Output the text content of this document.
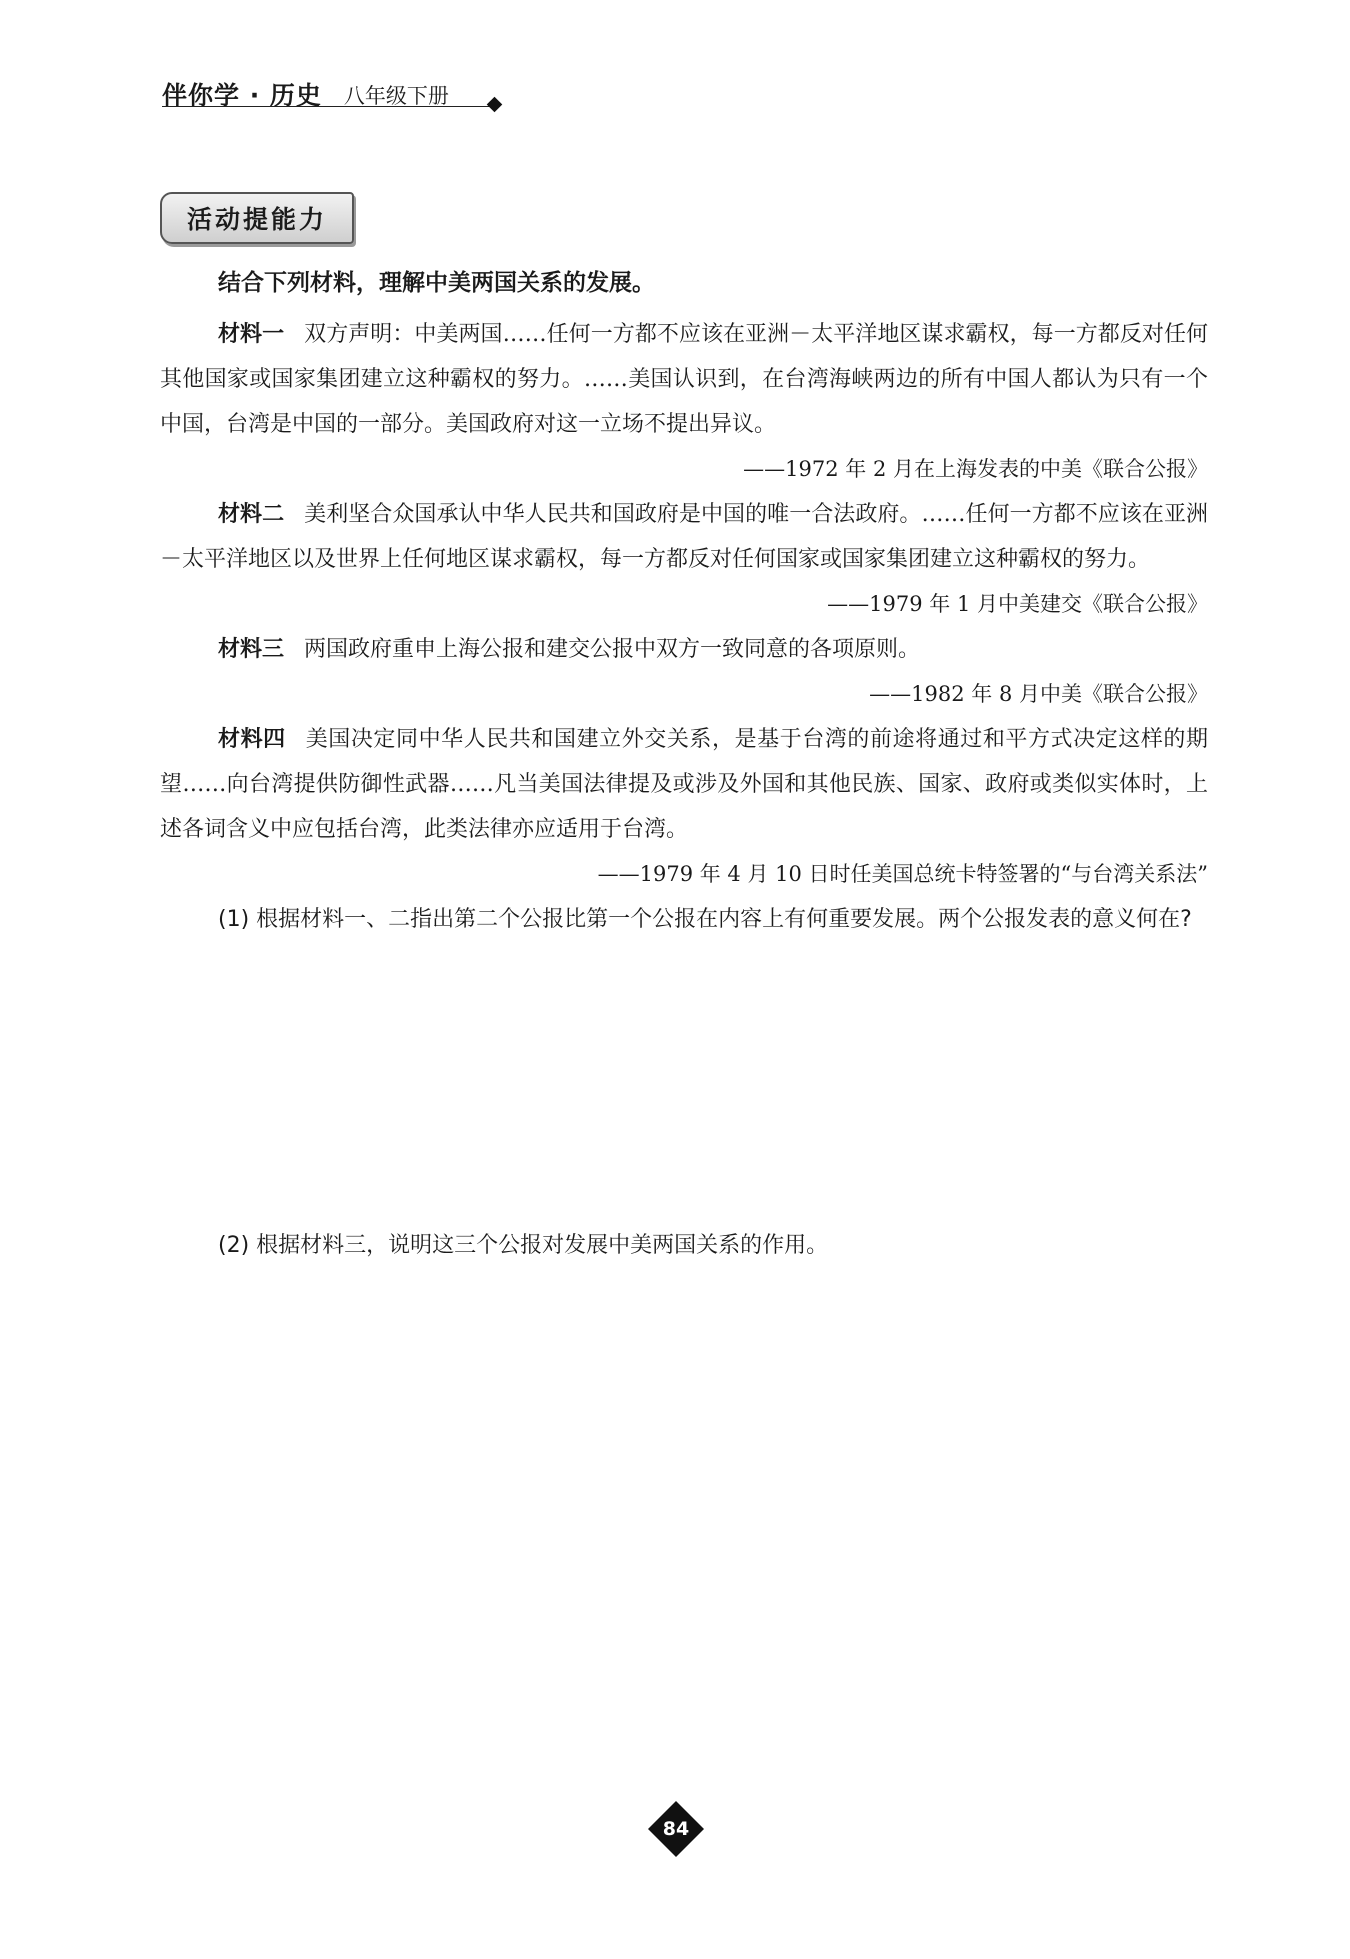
伴你学 · 历史 八年级下册
活动提能力
结合下列材料，理解中美两国关系的发展。

材料一 双方声明：中美两国……任何一方都不应该在亚洲－太平洋地区谋求霸权，每一方都反对任何其他国家或国家集团建立这种霸权的努力。……美国认识到，在台湾海峡两边的所有中国人都认为只有一个中国，台湾是中国的一部分。美国政府对这一立场不提出异议。

——1972 年 2 月在上海发表的中美《联合公报》

材料二 美利坚合众国承认中华人民共和国政府是中国的唯一合法政府。……任何一方都不应该在亚洲－太平洋地区以及世界上任何地区谋求霸权，每一方都反对任何国家或国家集团建立这种霸权的努力。

——1979 年 1 月中美建交《联合公报》

材料三 两国政府重申上海公报和建交公报中双方一致同意的各项原则。

——1982 年 8 月中美《联合公报》

材料四 美国决定同中华人民共和国建立外交关系，是基于台湾的前途将通过和平方式决定这样的期望……向台湾提供防御性武器……凡当美国法律提及或涉及外国和其他民族、国家、政府或类似实体时，上述各词含义中应包括台湾，此类法律亦应适用于台湾。

——1979 年 4 月 10 日时任美国总统卡特签署的“与台湾关系法”

(1) 根据材料一、二指出第二个公报比第一个公报在内容上有何重要发展。两个公报发表的意义何在?

(2) 根据材料三，说明这三个公报对发展中美两国关系的作用。

84
